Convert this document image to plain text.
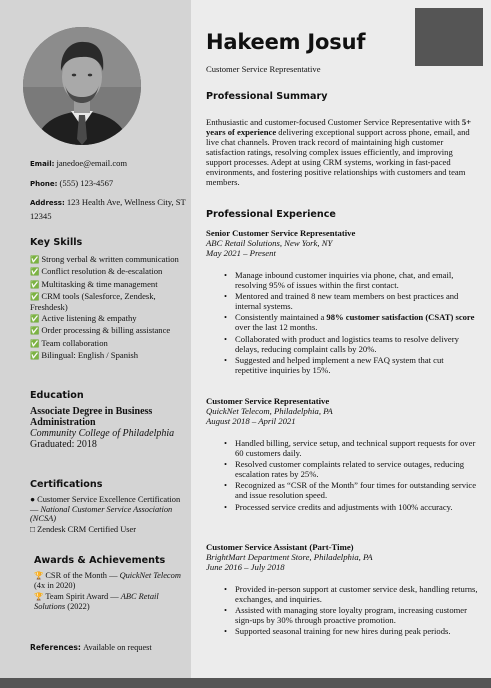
Email: janedoe@email.com
Phone: (555) 123-4567
Address: 123 Health Ave, Wellness City, ST 12345
Key Skills
✅ Strong verbal & written communication
✅ Conflict resolution & de-escalation
✅ Multitasking & time management
✅ CRM tools (Salesforce, Zendesk, Freshdesk)
✅ Active listening & empathy
✅ Order processing & billing assistance
✅ Team collaboration
✅ Bilingual: English / Spanish
Education
Associate Degree in Business Administration
Community College of Philadelphia
Graduated: 2018
Certifications
● Customer Service Excellence Certification — National Customer Service Association (NCSA)
□ Zendesk CRM Certified User
Awards & Achievements
🏆 CSR of the Month — QuickNet Telecom (4x in 2020)
🏆 Team Spirit Award — ABC Retail Solutions (2022)
References: Available on request
Hakeem Josuf
Customer Service Representative
Professional Summary
Enthusiastic and customer-focused Customer Service Representative with 5+ years of experience delivering exceptional support across phone, email, and live chat channels. Proven track record of maintaining high customer satisfaction ratings, resolving complex issues efficiently, and improving support processes. Adept at using CRM systems, working in fast-paced environments, and fostering positive relationships with customers and team members.
Professional Experience
Senior Customer Service Representative
ABC Retail Solutions, New York, NY
May 2021 – Present
• Manage inbound customer inquiries via phone, chat, and email, resolving 95% of issues within the first contact.
• Mentored and trained 8 new team members on best practices and internal systems.
• Consistently maintained a 98% customer satisfaction (CSAT) score over the last 12 months.
• Collaborated with product and logistics teams to resolve delivery delays, reducing complaint calls by 20%.
• Suggested and helped implement a new FAQ system that cut repetitive inquiries by 15%.
Customer Service Representative
QuickNet Telecom, Philadelphia, PA
August 2018 – April 2021
• Handled billing, service setup, and technical support requests for over 60 customers daily.
• Resolved customer complaints related to service outages, reducing escalation rates by 25%.
• Recognized as “CSR of the Month” four times for outstanding service and issue resolution speed.
• Processed service credits and adjustments with 100% accuracy.
Customer Service Assistant (Part-Time)
BrightMart Department Store, Philadelphia, PA
June 2016 – July 2018
• Provided in-person support at customer service desk, handling returns, exchanges, and inquiries.
• Assisted with managing store loyalty program, increasing customer sign-ups by 30% through proactive promotion.
• Supported seasonal training for new hires during peak periods.
